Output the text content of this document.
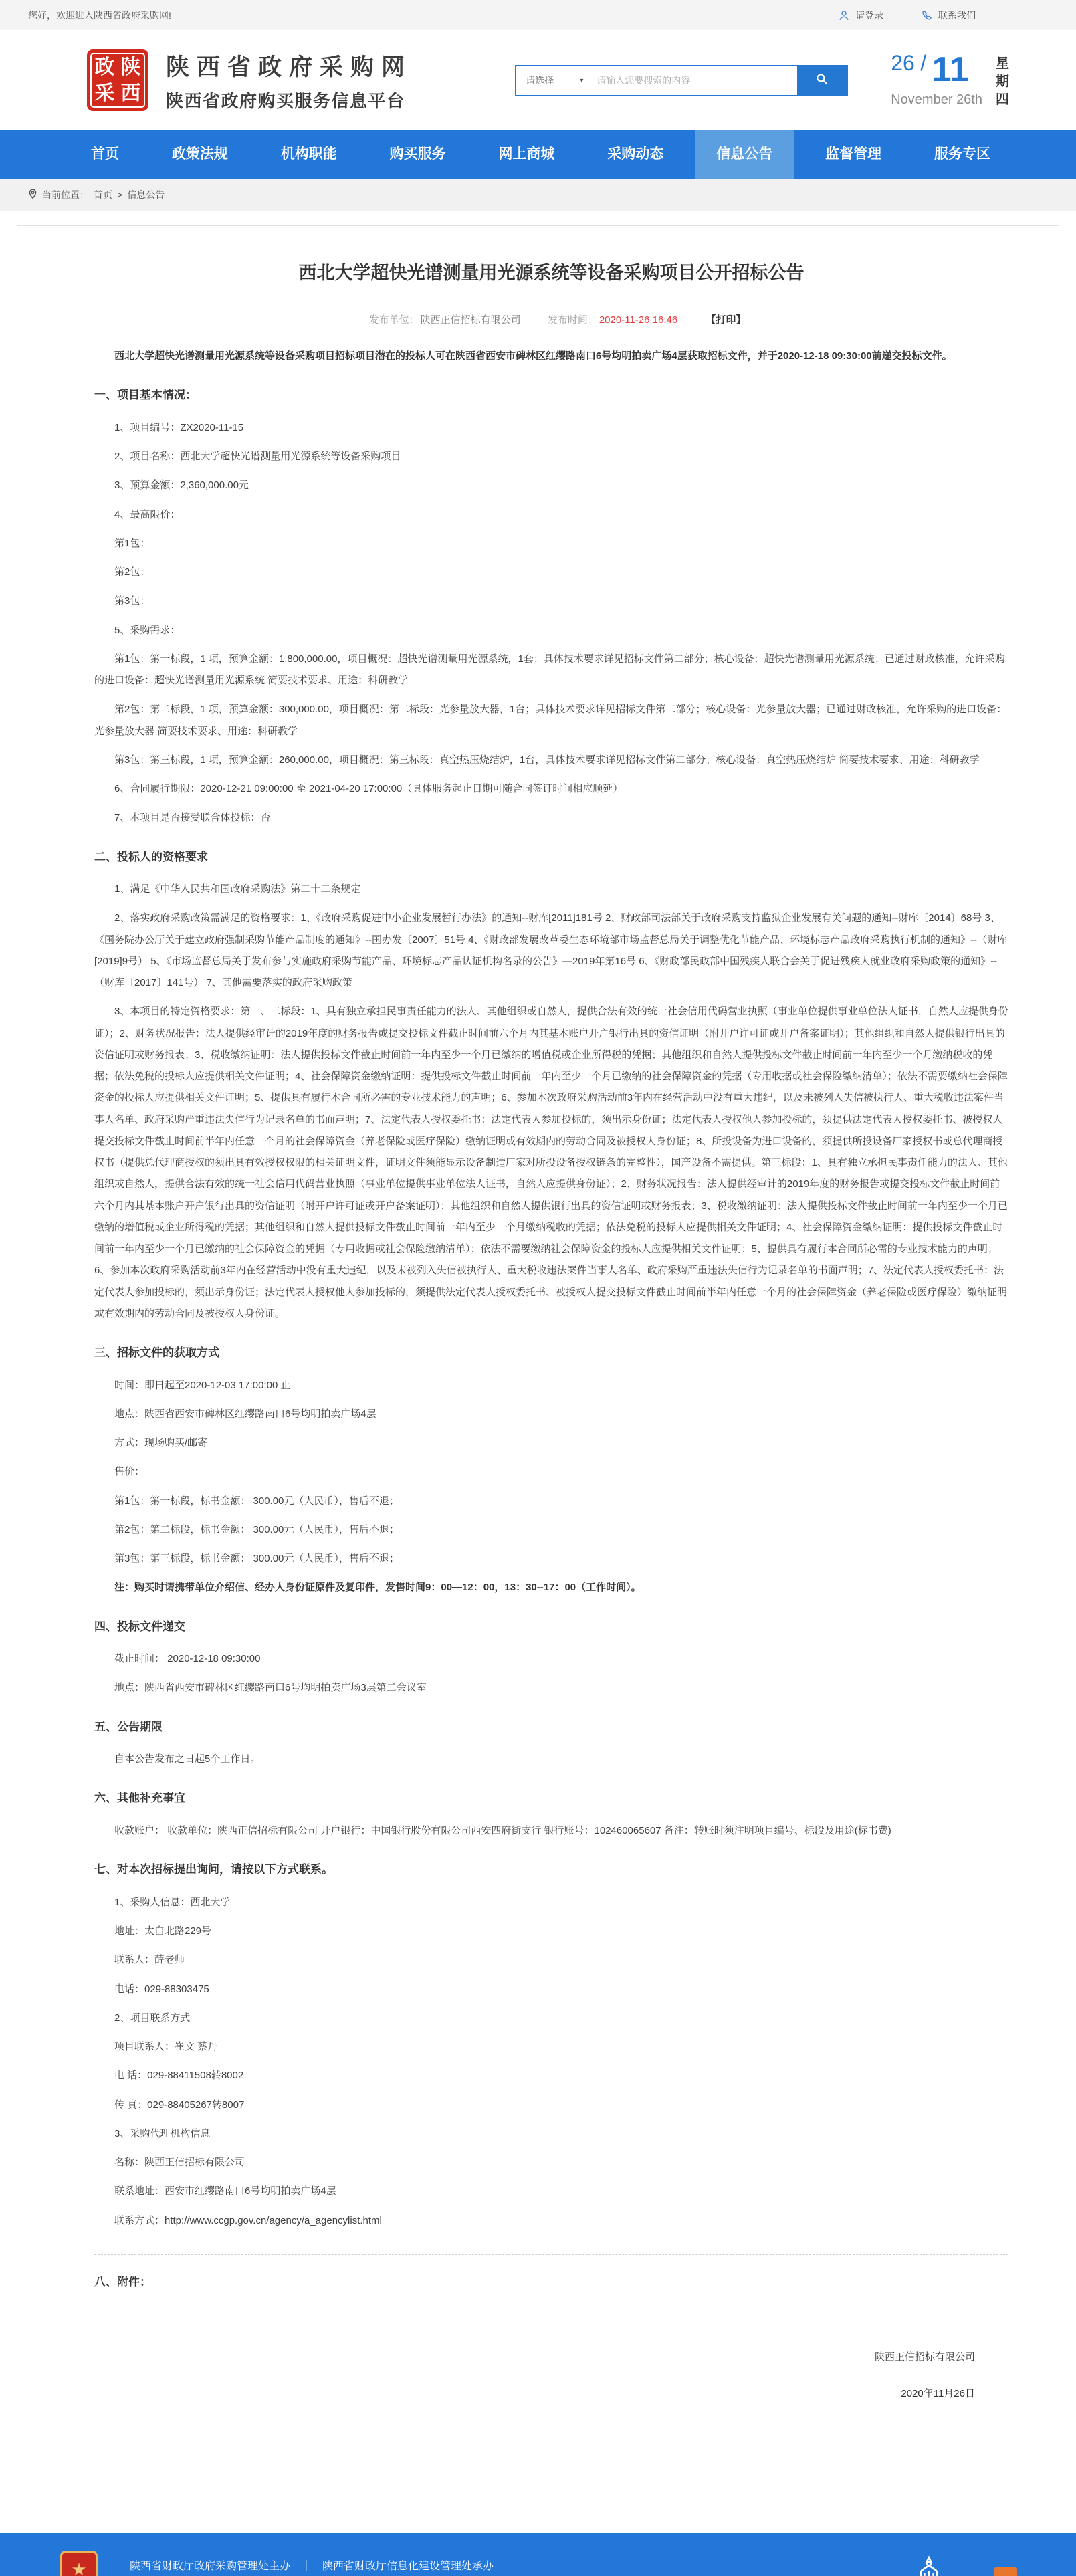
您好，欢迎进入陕西省政府采购网!	请登录	联系我们
政 陕
采 西
陕西省政府采购网
陕西省政府购买服务信息平台
请选择	▼
请输入您要搜索的内容
26 / 11
November 26th
星
期
四
首页	政策法规	机构职能	购买服务	网上商城	采购动态	信息公告	监督管理	服务专区
当前位置： 首页 > 信息公告
西北大学超快光谱测量用光源系统等设备采购项目公开招标公告
发布单位： 陕西正信招标有限公司	发布时间： 2020-11-26 16:46	【打印】

西北大学超快光谱测量用光源系统等设备采购项目招标项目潜在的投标人可在陕西省西安市碑林区红缨路南口6号均明拍卖广场4层获取招标文件，并于2020-12-18 09:30:00前递交投标文件。

一、项目基本情况：

1、项目编号：ZX2020-11-15

2、项目名称：西北大学超快光谱测量用光源系统等设备采购项目

3、预算金额：2,360,000.00元

4、最高限价：

第1包：

第2包：

第3包：

5、采购需求：

第1包：第一标段，1 项，预算金额：1,800,000.00，项目概况：超快光谱测量用光源系统，1套；具体技术要求详见招标文件第二部分；核心设备：超快光谱测量用光源系统；已通过财政核准，允许采购的进口设备：超快光谱测量用光源系统 简要技术要求、用途：科研教学

第2包：第二标段，1 项，预算金额：300,000.00，项目概况：第二标段：光参量放大器，1台；具体技术要求详见招标文件第二部分；核心设备：光参量放大器；已通过财政核准，允许采购的进口设备：光参量放大器 简要技术要求、用途：科研教学

第3包：第三标段，1 项，预算金额：260,000.00，项目概况：第三标段：真空热压烧结炉，1台，具体技术要求详见招标文件第二部分；核心设备：真空热压烧结炉 简要技术要求、用途：科研教学

6、合同履行期限：2020-12-21 09:00:00 至 2021-04-20 17:00:00（具体服务起止日期可随合同签订时间相应顺延）

7、本项目是否接受联合体投标：否

二、投标人的资格要求

1、满足《中华人民共和国政府采购法》第二十二条规定

2、落实政府采购政策需满足的资格要求：1、《政府采购促进中小企业发展暂行办法》的通知--财库[2011]181号 2、财政部司法部关于政府采购支持监狱企业发展有关问题的通知--财库〔2014〕68号 3、《国务院办公厅关于建立政府强制采购节能产品制度的通知》--国办发〔2007〕51号 4、《财政部发展改革委生态环境部市场监督总局关于调整优化节能产品、环境标志产品政府采购执行机制的通知》--（财库[2019]9号） 5、《市场监督总局关于发布参与实施政府采购节能产品、环境标志产品认证机构名录的公告》—2019年第16号 6、《财政部民政部中国残疾人联合会关于促进残疾人就业政府采购政策的通知》--（财库〔2017〕141号） 7、其他需要落实的政府采购政策

3、本项目的特定资格要求：第一、二标段：1、具有独立承担民事责任能力的法人、其他组织或自然人，提供合法有效的统一社会信用代码营业执照（事业单位提供事业单位法人证书，自然人应提供身份证）；2、财务状况报告：法人提供经审计的2019年度的财务报告或提交投标文件截止时间前六个月内其基本账户开户银行出具的资信证明（附开户许可证或开户备案证明）；其他组织和自然人提供银行出具的资信证明或财务报表；3、税收缴纳证明：法人提供投标文件截止时间前一年内至少一个月已缴纳的增值税或企业所得税的凭据；其他组织和自然人提供投标文件截止时间前一年内至少一个月缴纳税收的凭据；依法免税的投标人应提供相关文件证明；4、社会保障资金缴纳证明：提供投标文件截止时间前一年内至少一个月已缴纳的社会保障资金的凭据（专用收据或社会保险缴纳清单）；依法不需要缴纳社会保障资金的投标人应提供相关文件证明；5、提供具有履行本合同所必需的专业技术能力的声明；6、参加本次政府采购活动前3年内在经营活动中没有重大违纪，以及未被列入失信被执行人、重大税收违法案件当事人名单、政府采购严重违法失信行为记录名单的书面声明；7、法定代表人授权委托书：法定代表人参加投标的，须出示身份证；法定代表人授权他人参加投标的，须提供法定代表人授权委托书、被授权人提交投标文件截止时间前半年内任意一个月的社会保障资金（养老保险或医疗保险）缴纳证明或有效期内的劳动合同及被授权人身份证；8、所投设备为进口设备的，须提供所投设备厂家授权书或总代理商授权书（提供总代理商授权的须出具有效授权权限的相关证明文件，证明文件须能显示设备制造厂家对所投设备授权链条的完整性），国产设备不需提供。第三标段：1、具有独立承担民事责任能力的法人、其他组织或自然人，提供合法有效的统一社会信用代码营业执照（事业单位提供事业单位法人证书，自然人应提供身份证）；2、财务状况报告：法人提供经审计的2019年度的财务报告或提交投标文件截止时间前六个月内其基本账户开户银行出具的资信证明（附开户许可证或开户备案证明）；其他组织和自然人提供银行出具的资信证明或财务报表；3、税收缴纳证明：法人提供投标文件截止时间前一年内至少一个月已缴纳的增值税或企业所得税的凭据；其他组织和自然人提供投标文件截止时间前一年内至少一个月缴纳税收的凭据；依法免税的投标人应提供相关文件证明；4、社会保障资金缴纳证明：提供投标文件截止时间前一年内至少一个月已缴纳的社会保障资金的凭据（专用收据或社会保险缴纳清单）；依法不需要缴纳社会保障资金的投标人应提供相关文件证明；5、提供具有履行本合同所必需的专业技术能力的声明；6、参加本次政府采购活动前3年内在经营活动中没有重大违纪，以及未被列入失信被执行人、重大税收违法案件当事人名单、政府采购严重违法失信行为记录名单的书面声明；7、法定代表人授权委托书：法定代表人参加投标的，须出示身份证；法定代表人授权他人参加投标的，须提供法定代表人授权委托书、被授权人提交投标文件截止时间前半年内任意一个月的社会保障资金（养老保险或医疗保险）缴纳证明或有效期内的劳动合同及被授权人身份证。

三、招标文件的获取方式

时间：即日起至2020-12-03 17:00:00 止

地点：陕西省西安市碑林区红缨路南口6号均明拍卖广场4层

方式：现场购买/邮寄

售价：

第1包：第一标段，标书金额： 300.00元（人民币），售后不退；

第2包：第二标段，标书金额： 300.00元（人民币），售后不退；

第3包：第三标段，标书金额： 300.00元（人民币），售后不退；

注：购买时请携带单位介绍信、经办人身份证原件及复印件，发售时间9：00—12：00，13：30--17：00（工作时间）。

四、投标文件递交

截止时间： 2020-12-18 09:30:00

地点：陕西省西安市碑林区红缨路南口6号均明拍卖广场3层第二会议室

五、公告期限

自本公告发布之日起5个工作日。

六、其他补充事宜

收款账户： 收款单位：陕西正信招标有限公司 开户银行：中国银行股份有限公司西安四府街支行 银行账号：102460065607 备注：转账时须注明项目编号、标段及用途(标书费)

七、对本次招标提出询问，请按以下方式联系。

1、采购人信息：西北大学

地址：太白北路229号

联系人：薛老师

电话：029-88303475

2、项目联系方式

项目联系人：崔文 蔡丹

电 话：029-88411508转8002

传 真：029-88405267转8007

3、采购代理机构信息

名称：陕西正信招标有限公司

联系地址：西安市红缨路南口6号均明拍卖广场4层

联系方式：http://www.ccgp.gov.cn/agency/a_agencylist.html

八、附件：
陕西正信招标有限公司
2020年11月26日
★	陕西省财政厅政府采购管理处主办 ｜ 陕西省财政厅信息化建设管理处承办
